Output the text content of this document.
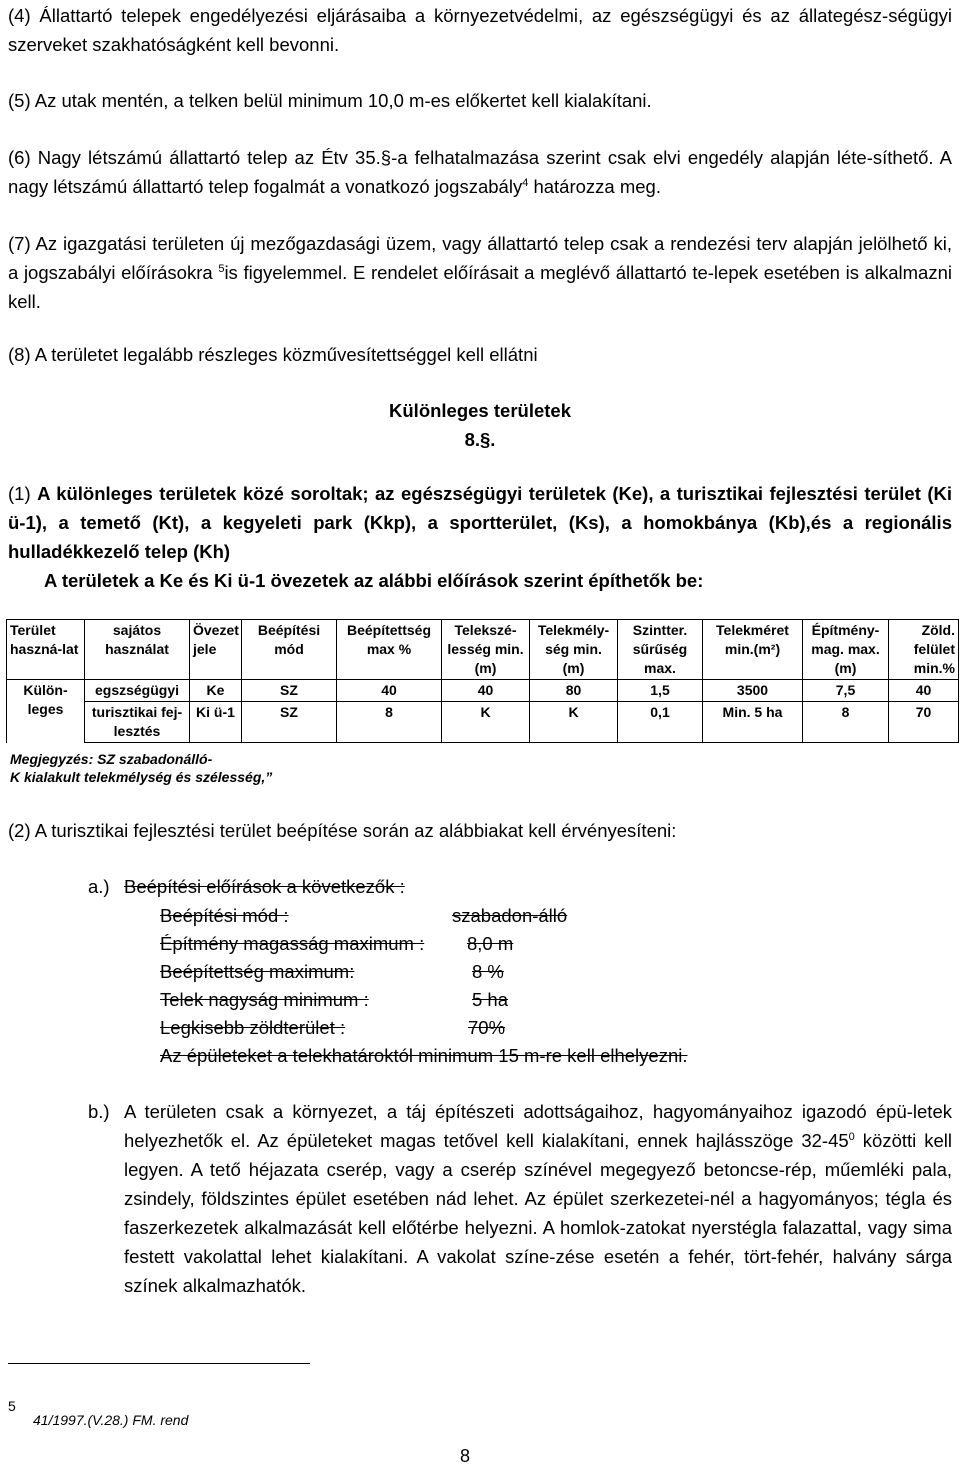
(4) Állattartó telepek engedélyezési eljárásaiba a környezetvédelmi, az egészségügyi és az állategész-ségügyi szerveket szakhatóságként kell bevonni.

(5) Az utak mentén, a telken belül minimum 10,0 m-es előkertet kell kialakítani.

(6) Nagy létszámú állattartó telep az Étv 35.§-a felhatalmazása szerint csak elvi engedély alapján léte-síthető. A nagy létszámú állattartó telep fogalmát a vonatkozó jogszabály$^4$ határozza meg.

(7) Az igazgatási területen új mezőgazdasági üzem, vagy állattartó telep csak a rendezési terv alapján jelölhető ki, a jogszabályi előírásokra $^5$is figyelemmel. E rendelet előírásait a meglévő állattartó te-lepek esetében is alkalmazni kell.

(8) A területet legalább részleges közművesítettséggel kell ellátni

Különleges területek

8.§.

(1) A különleges területek közé soroltak; az egészségügyi területek (Ke), a turisztikai fejlesztési terület (Ki ü-1), a temető (Kt), a kegyeleti park (Kkp), a sportterület, (Ks), a homokbánya (Kb),és a regionális hulladékkezelő telep (Kh)

A területek a Ke és Ki ü-1 övezetek az alábbi előírások szerint építhetők be:

Terület haszná-lat	sajátos használat	Övezet jele	Beépítési mód	Beépítettség max %	Telekszé-lesség min. (m)	Telekmély-ség min. (m)	Szintter. sűrűség max.	Telekméret min.(m²)	Építmény-mag. max.(m)	Zöld. felület min.%
Külön-leges	egszségügyi	Ke	SZ	40	40	80	1,5	3500	7,5	40
	turisztikai fej-lesztés	Ki ü-1	SZ	8	K	K	0,1	Min. 5 ha	8	70
Megjegyzés: SZ szabadonálló-
K kialakult telekmélység és szélesség,”

(2) A turisztikai fejlesztési terület beépítése során az alábbiakat kell érvényesíteni:

a.) Beépítési előírások a következők :

Beépítési mód :	szabadon-álló

Építmény magasság maximum : 8,0 m

Beépítettség maximum:	8 %

Telek nagyság minimum :	5 ha

Legkisebb zöldterület :	70%

Az épületeket a telekhatároktól minimum 15 m-re kell elhelyezni.

b.) A területen csak a környezet, a táj építészeti adottságaihoz, hagyományaihoz igazodó épü-letek helyezhetők el. Az épületeket magas tetővel kell kialakítani, ennek hajlásszöge $32-45^0$ közötti kell legyen. A tető héjazata cserép, vagy a cserép színével megegyező betoncse-rép, műemléki pala, zsindely, földszintes épület esetében nád lehet. Az épület szerkezetei-nél a hagyományos; tégla és faszerkezetek alkalmazását kell előtérbe helyezni. A homlok-zatokat nyerstégla falazattal, vagy sima festett vakolattal lehet kialakítani. A vakolat színe-zése esetén a fehér, tört-fehér, halvány sárga színek alkalmazhatók.

5
41/1997.(V.28.) FM. rend
8
